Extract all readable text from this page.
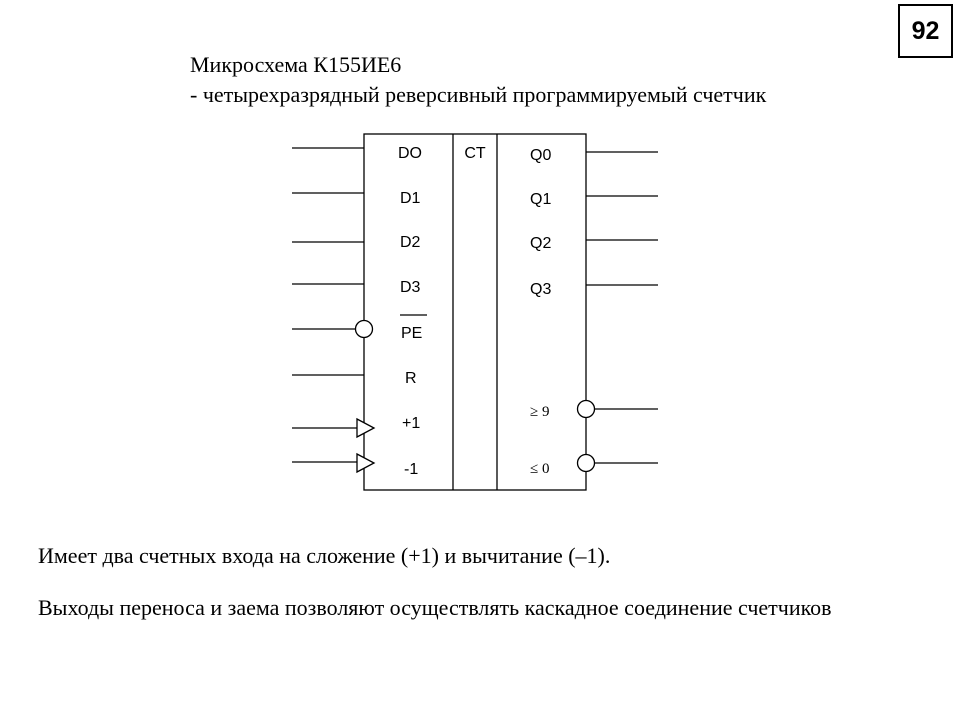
92
Микросхема К155ИЕ6
- четырехразрядный реверсивный программируемый счетчик
CT
DO
D1
D2
D3
PE
R
+1
-1
Q0
Q1
Q2
Q3
≥ 9
≤ 0
Имеет два счетных входа на сложение (+1) и вычитание (–1).
Выходы переноса и заема позволяют осуществлять каскадное соединение счетчиков
